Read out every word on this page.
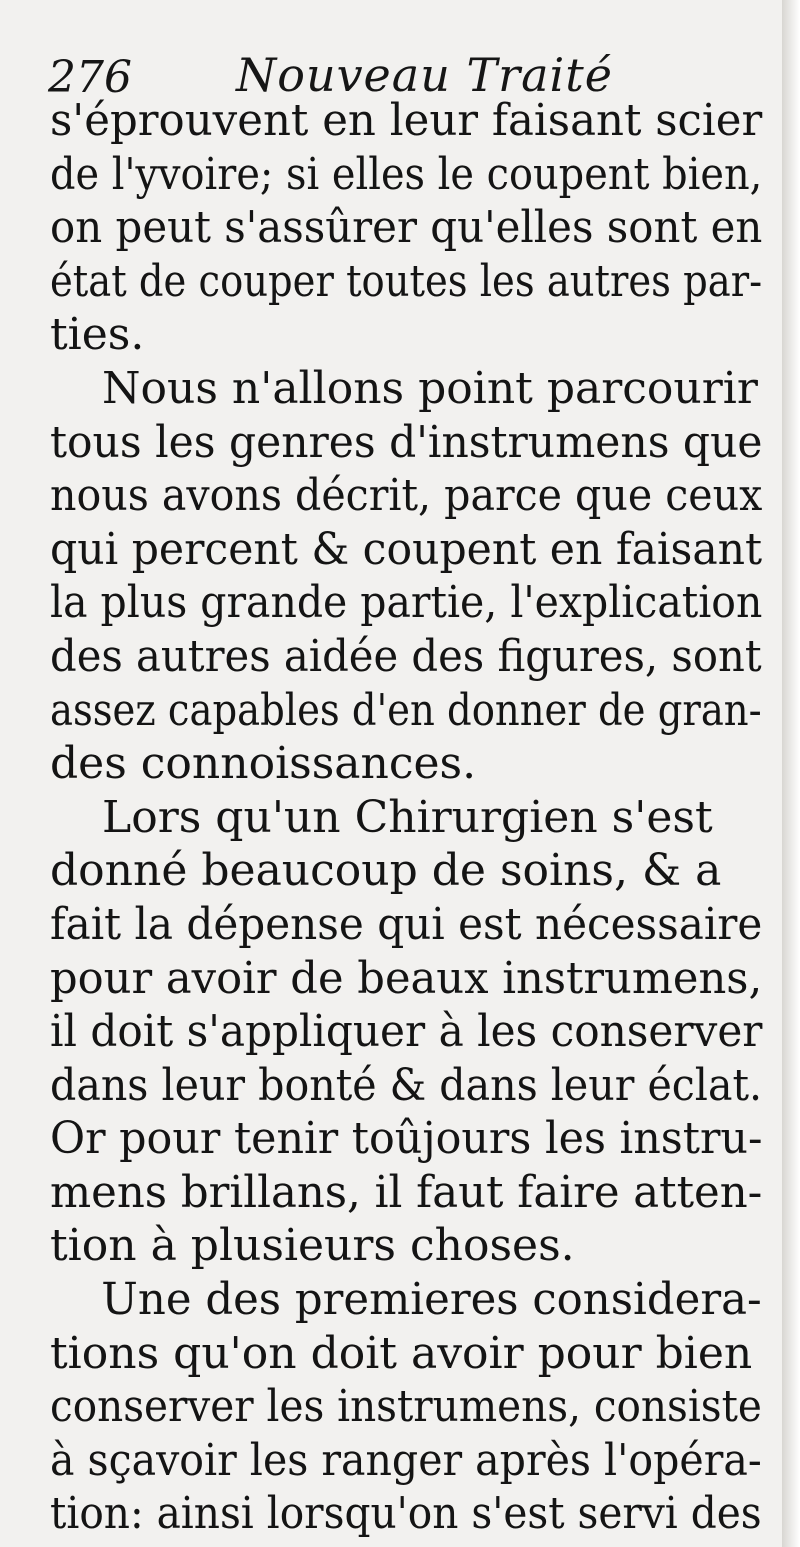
276 Nouveau Traité

s'éprouvent en leur faisant scier
de l'yvoire; si elles le coupent bien,
on peut s'assûrer qu'elles sont en
état de couper toutes les autres par-
ties.

Nous n'allons point parcourir
tous les genres d'instrumens que
nous avons décrit, parce que ceux
qui percent & coupent en faisant
la plus grande partie, l'explication
des autres aidée des figures, sont
assez capables d'en donner de gran-
des connoissances.

Lors qu'un Chirurgien s'est
donné beaucoup de soins, & a
fait la dépense qui est nécessaire
pour avoir de beaux instrumens,
il doit s'appliquer à les conserver
dans leur bonté & dans leur éclat.
Or pour tenir toûjours les instru-
mens brillans, il faut faire atten-
tion à plusieurs choses.

Une des premieres considera-
tions qu'on doit avoir pour bien
conserver les instrumens, consiste
à sçavoir les ranger après l'opéra-
tion: ainsi lorsqu'on s'est servi des
